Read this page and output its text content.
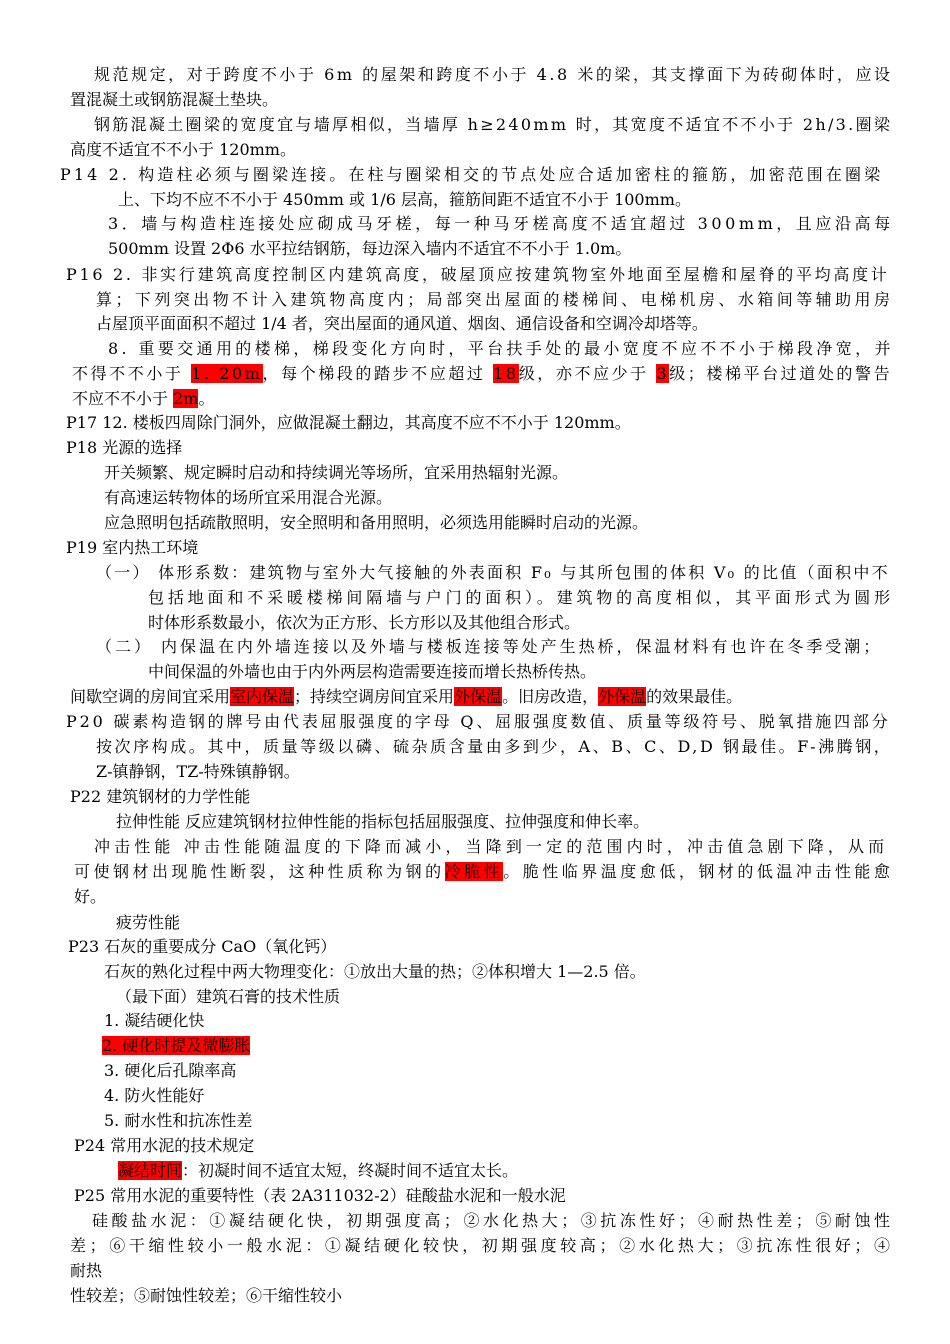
规范规定，对于跨度不小于 6m 的屋架和跨度不小于 4.8 米的梁，其支撑面下为砖砌体时，应设
置混凝土或钢筋混凝土垫块。
钢筋混凝土圈梁的宽度宜与墙厚相似，当墙厚 h≥240mm 时，其宽度不适宜不不小于 2h/3.圈梁
高度不适宜不不小于 120mm。
P14 2. 构造柱必须与圈梁连接。在柱与圈梁相交的节点处应合适加密柱的箍筋，加密范围在圈梁
上、下均不应不不小于 450mm 或 1/6 层高，箍筋间距不适宜不小于 100mm。
3．墙与构造柱连接处应砌成马牙槎，每一种马牙槎高度不适宜超过 300mm，且应沿高每
500mm 设置 2Φ6 水平拉结钢筋，每边深入墙内不适宜不不小于 1.0m。
P16 2. 非实行建筑高度控制区内建筑高度，破屋顶应按建筑物室外地面至屋檐和屋脊的平均高度计
算；下列突出物不计入建筑物高度内；局部突出屋面的楼梯间、电梯机房、水箱间等辅助用房
占屋顶平面面积不超过 1/4 者，突出屋面的通风道、烟囱、通信设备和空调冷却塔等。
8. 重要交通用的楼梯，梯段变化方向时，平台扶手处的最小宽度不应不不小于梯段净宽，并
不得不不小于 1. 20m，每个梯段的踏步不应超过 18级，亦不应少于 3级；楼梯平台过道处的警告
不应不不小于 2m。
P17 12. 楼板四周除门洞外，应做混凝土翻边，其高度不应不不小于 120mm。
P18 光源的选择
开关频繁、规定瞬时启动和持续调光等场所，宜采用热辐射光源。
有高速运转物体的场所宜采用混合光源。
应急照明包括疏散照明，安全照明和备用照明，必须选用能瞬时启动的光源。
P19 室内热工环境
（一） 体形系数：建筑物与室外大气接触的外表面积 F₀ 与其所包围的体积 V₀ 的比值（面积中不
包括地面和不采暖楼梯间隔墙与户门的面积）。建筑物的高度相似，其平面形式为圆形
时体形系数最小，依次为正方形、长方形以及其他组合形式。
（二） 内保温在内外墙连接以及外墙与楼板连接等处产生热桥，保温材料有也许在冬季受潮；
中间保温的外墙也由于内外两层构造需要连接而增长热桥传热。
间歇空调的房间宜采用室内保温；持续空调房间宜采用外保温。旧房改造，外保温的效果最佳。
P20 碳素构造钢的牌号由代表屈服强度的字母 Q、屈服强度数值、质量等级符号、脱氧措施四部分
按次序构成。其中，质量等级以磷、硫杂质含量由多到少，A、B、C、D,D 钢最佳。F-沸腾钢，
Z-镇静钢，TZ-特殊镇静钢。
P22 建筑钢材的力学性能
拉伸性能 反应建筑钢材拉伸性能的指标包括屈服强度、拉伸强度和伸长率。
冲击性能 冲击性能随温度的下降而减小，当降到一定的范围内时，冲击值急剧下降，从而
可使钢材出现脆性断裂，这种性质称为钢的冷脆性。脆性临界温度愈低，钢材的低温冲击性能愈
好。
疲劳性能
P23 石灰的重要成分 CaO（氧化钙）
石灰的熟化过程中两大物理变化：①放出大量的热；②体积增大 1—2.5 倍。
（最下面）建筑石膏的技术性质
1. 凝结硬化快
2. 硬化时提及微膨胀
3. 硬化后孔隙率高
4. 防火性能好
5. 耐水性和抗冻性差
P24 常用水泥的技术规定
凝结时间：初凝时间不适宜太短，终凝时间不适宜太长。
P25 常用水泥的重要特性（表 2A311032-2）硅酸盐水泥和一般水泥
硅酸盐水泥：①凝结硬化快，初期强度高；②水化热大；③抗冻性好；④耐热性差；⑤耐蚀性
差；⑥干缩性较小一般水泥：①凝结硬化较快，初期强度较高；②水化热大；③抗冻性很好；④
耐热
性较差；⑤耐蚀性较差；⑥干缩性较小
